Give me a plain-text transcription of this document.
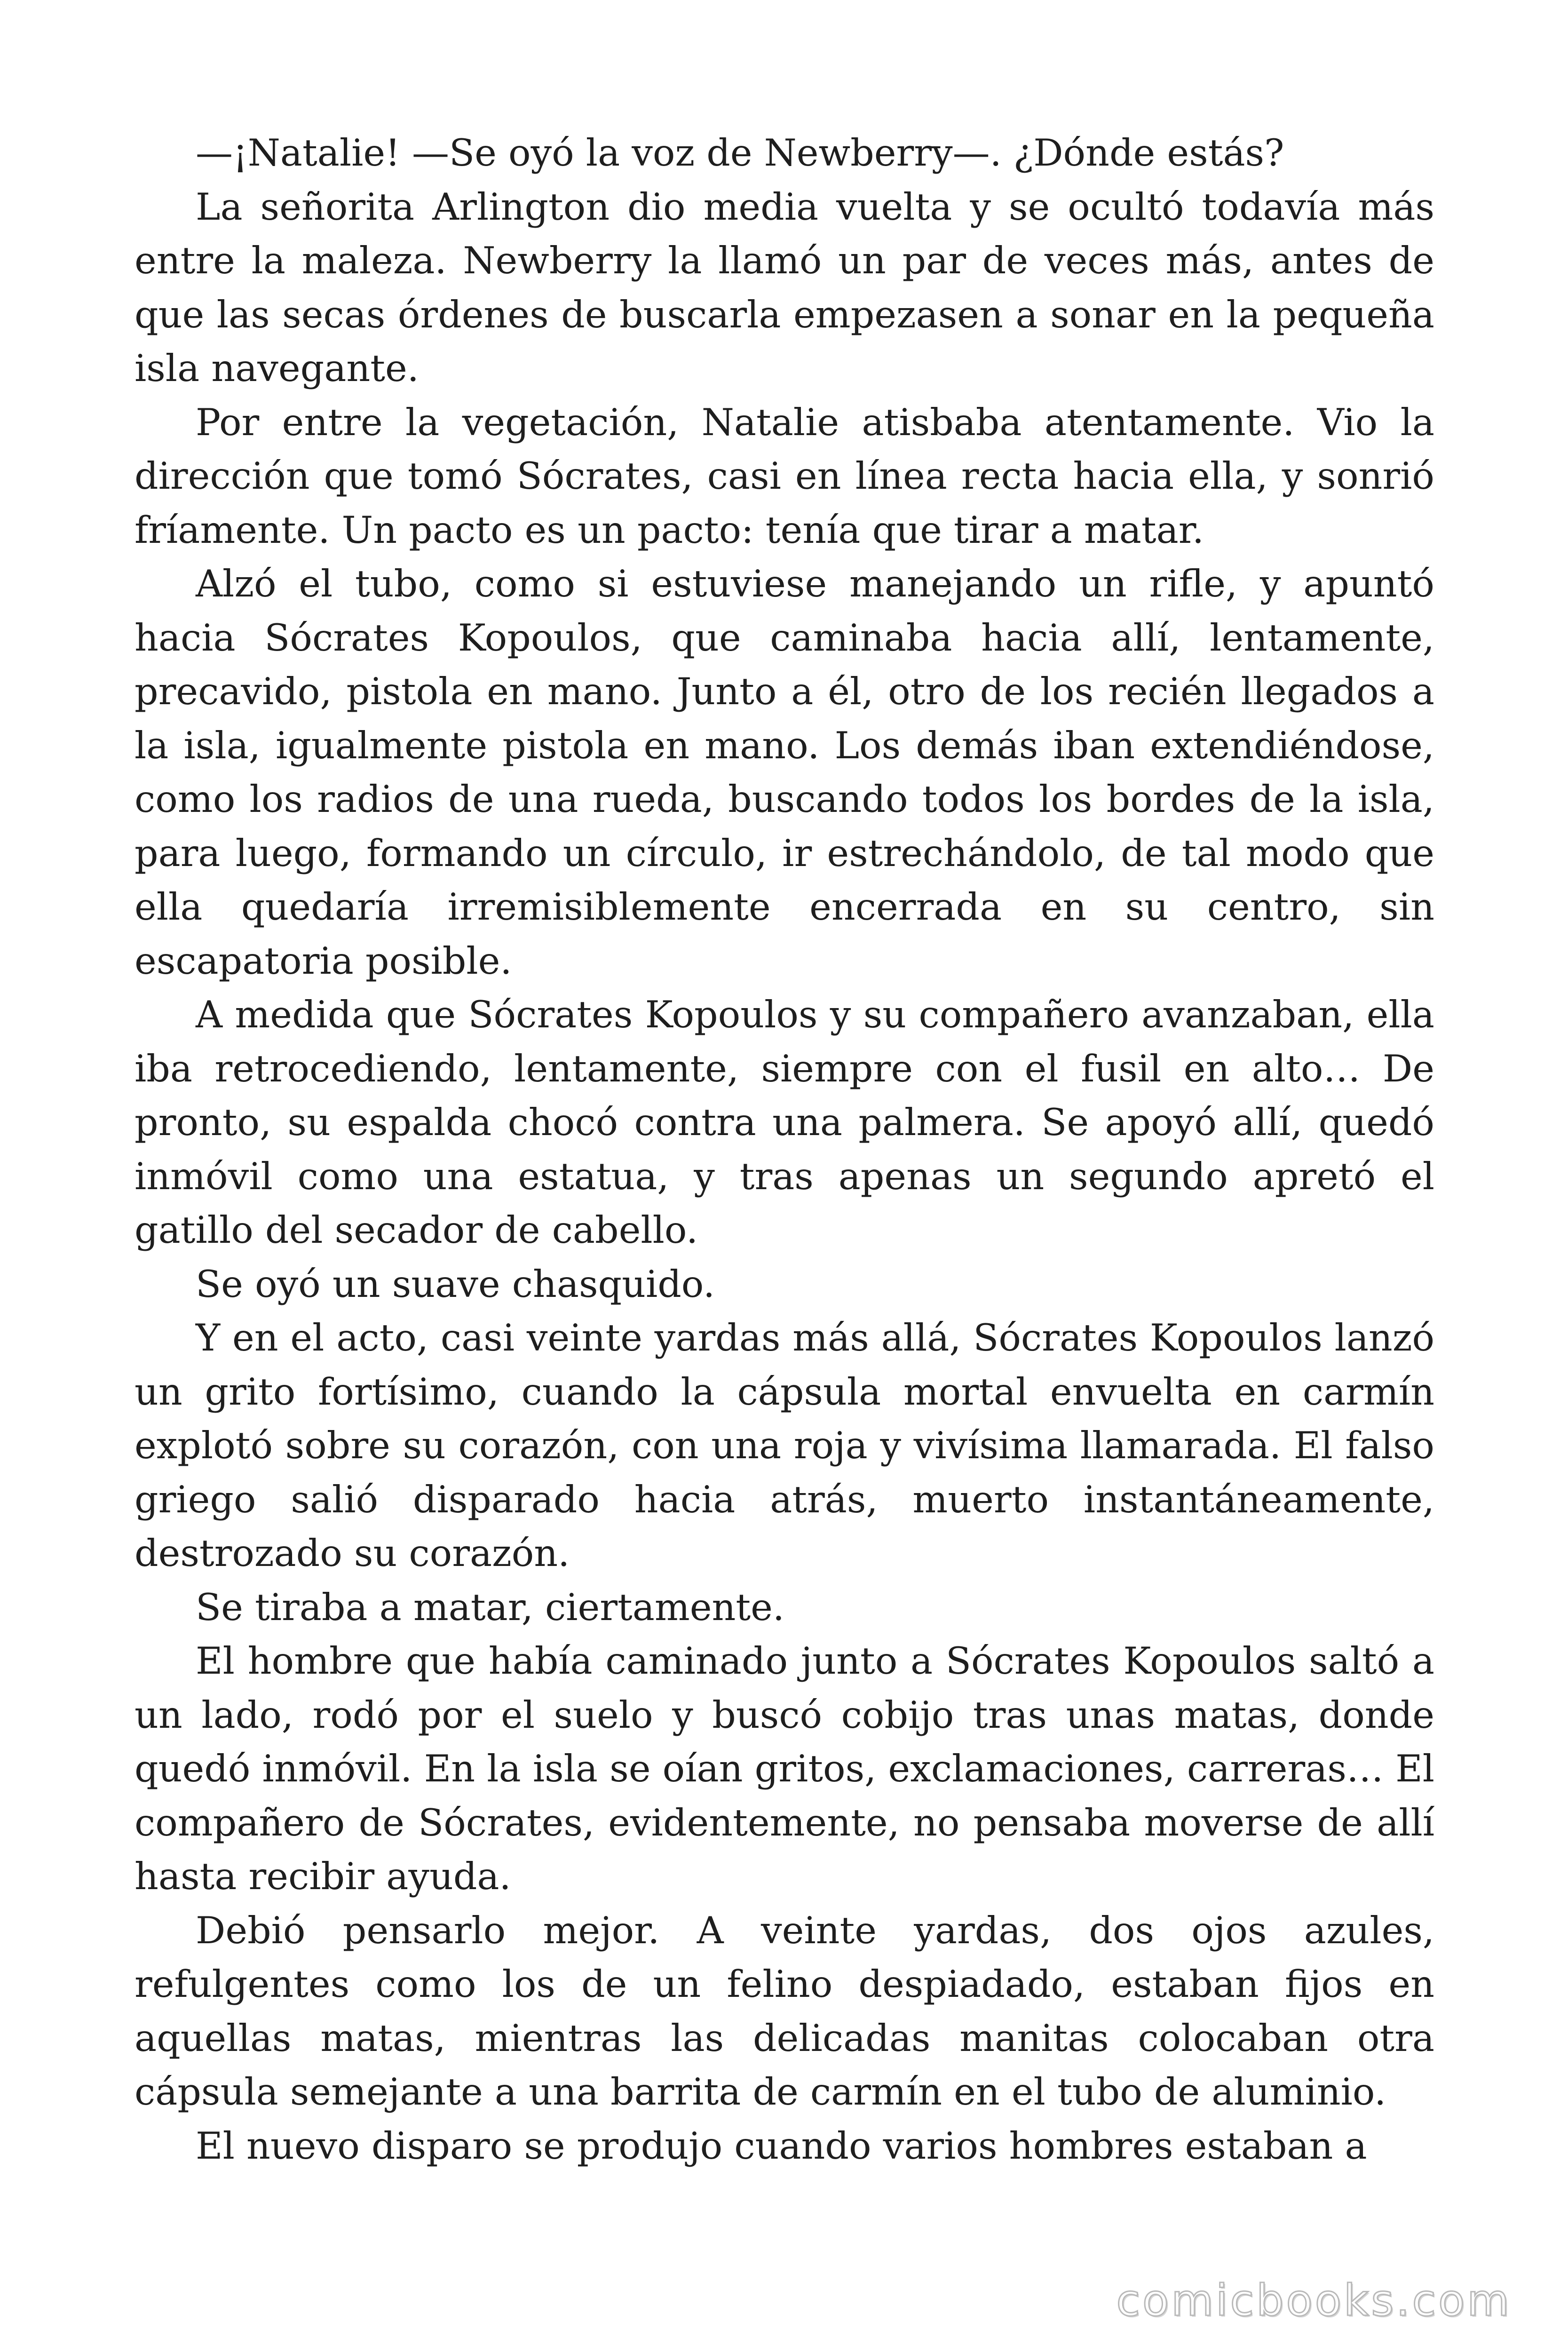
—¡Natalie! —Se oyó la voz de Newberry—. ¿Dónde estás?

La señorita Arlington dio media vuelta y se ocultó todavía más entre la maleza. Newberry la llamó un par de veces más, antes de que las secas órdenes de buscarla empezasen a sonar en la pequeña isla navegante.

Por entre la vegetación, Natalie atisbaba atentamente. Vio la dirección que tomó Sócrates, casi en línea recta hacia ella, y sonrió fríamente. Un pacto es un pacto: tenía que tirar a matar.

Alzó el tubo, como si estuviese manejando un rifle, y apuntó hacia Sócrates Kopoulos, que caminaba hacia allí, lentamente, precavido, pistola en mano. Junto a él, otro de los recién llegados a la isla, igualmente pistola en mano. Los demás iban extendiéndose, como los radios de una rueda, buscando todos los bordes de la isla, para luego, formando un círculo, ir estrechándolo, de tal modo que ella quedaría irremisiblemente encerrada en su centro, sin escapatoria posible.

A medida que Sócrates Kopoulos y su compañero avanzaban, ella iba retrocediendo, lentamente, siempre con el fusil en alto… De pronto, su espalda chocó contra una palmera. Se apoyó allí, quedó inmóvil como una estatua, y tras apenas un segundo apretó el gatillo del secador de cabello.

Se oyó un suave chasquido.

Y en el acto, casi veinte yardas más allá, Sócrates Kopoulos lanzó un grito fortísimo, cuando la cápsula mortal envuelta en carmín explotó sobre su corazón, con una roja y vivísima llamarada. El falso griego salió disparado hacia atrás, muerto instantáneamente, destrozado su corazón.

Se tiraba a matar, ciertamente.

El hombre que había caminado junto a Sócrates Kopoulos saltó a un lado, rodó por el suelo y buscó cobijo tras unas matas, donde quedó inmóvil. En la isla se oían gritos, exclamaciones, carreras… El compañero de Sócrates, evidentemente, no pensaba moverse de allí hasta recibir ayuda.

Debió pensarlo mejor. A veinte yardas, dos ojos azules, refulgentes como los de un felino despiadado, estaban fijos en aquellas matas, mientras las delicadas manitas colocaban otra cápsula semejante a una barrita de carmín en el tubo de aluminio.

El nuevo disparo se produjo cuando varios hombres estaban a

comicbooks.com
